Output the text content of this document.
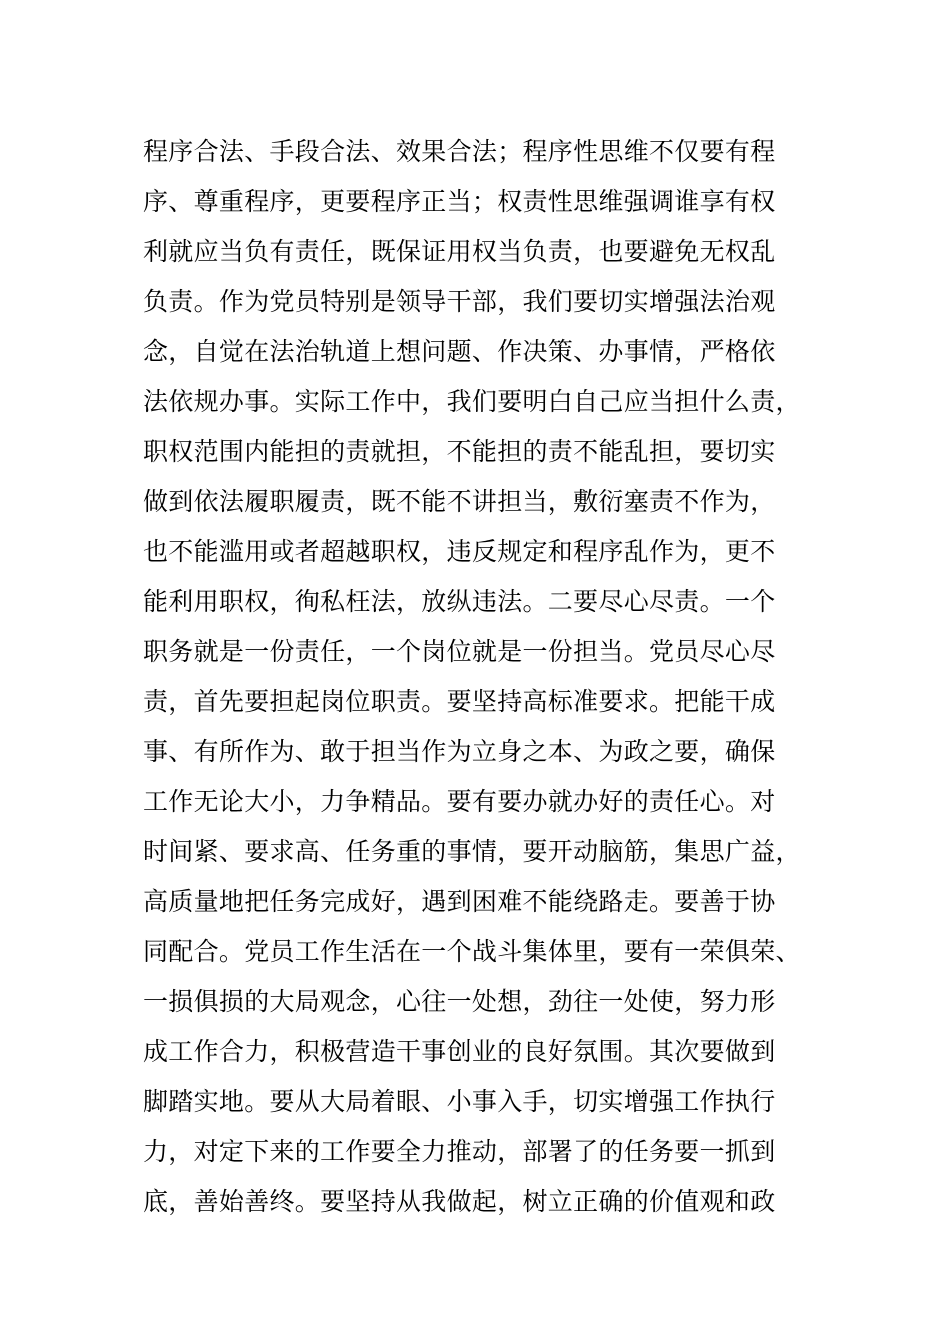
程序合法、手段合法、效果合法；程序性思维不仅要有程
序、尊重程序，更要程序正当；权责性思维强调谁享有权
利就应当负有责任，既保证用权当负责，也要避免无权乱
负责。作为党员特别是领导干部，我们要切实增强法治观
念，自觉在法治轨道上想问题、作决策、办事情，严格依
法依规办事。实际工作中，我们要明白自己应当担什么责，
职权范围内能担的责就担，不能担的责不能乱担，要切实
做到依法履职履责，既不能不讲担当，敷衍塞责不作为，
也不能滥用或者超越职权，违反规定和程序乱作为，更不
能利用职权，徇私枉法，放纵违法。二要尽心尽责。一个
职务就是一份责任，一个岗位就是一份担当。党员尽心尽
责，首先要担起岗位职责。要坚持高标准要求。把能干成
事、有所作为、敢于担当作为立身之本、为政之要，确保
工作无论大小，力争精品。要有要办就办好的责任心。对
时间紧、要求高、任务重的事情，要开动脑筋，集思广益，
高质量地把任务完成好，遇到困难不能绕路走。要善于协
同配合。党员工作生活在一个战斗集体里，要有一荣俱荣、
一损俱损的大局观念，心往一处想，劲往一处使，努力形
成工作合力，积极营造干事创业的良好氛围。其次要做到
脚踏实地。要从大局着眼、小事入手，切实增强工作执行
力，对定下来的工作要全力推动，部署了的任务要一抓到
底，善始善终。要坚持从我做起，树立正确的价值观和政
